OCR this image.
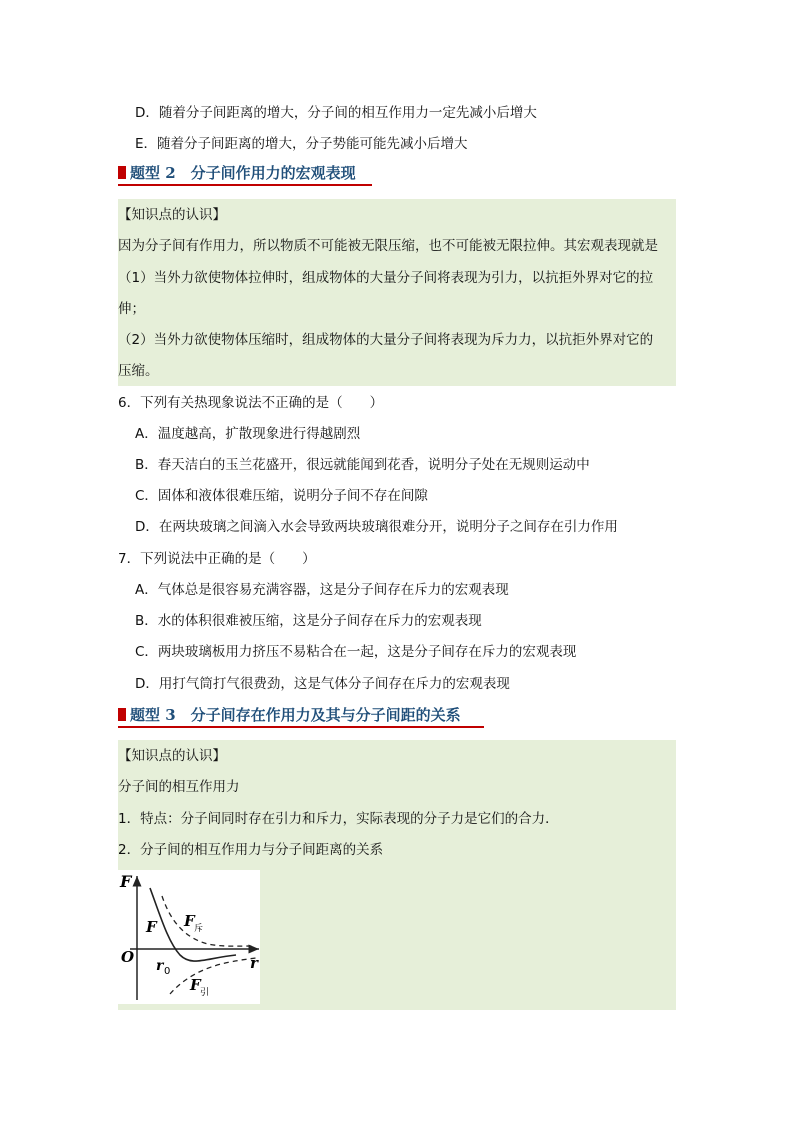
D．随着分子间距离的增大，分子间的相互作用力一定先减小后增大
E．随着分子间距离的增大，分子势能可能先减小后增大
题型 2　分子间作用力的宏观表现
【知识点的认识】
因为分子间有作用力，所以物质不可能被无限压缩，也不可能被无限拉伸。其宏观表现就是
（1）当外力欲使物体拉伸时，组成物体的大量分子间将表现为引力，以抗拒外界对它的拉
伸；
（2）当外力欲使物体压缩时，组成物体的大量分子间将表现为斥力力，以抗拒外界对它的
压缩。
6．下列有关热现象说法不正确的是（　　）
A．温度越高，扩散现象进行得越剧烈
B．春天洁白的玉兰花盛开，很远就能闻到花香，说明分子处在无规则运动中
C．固体和液体很难压缩，说明分子间不存在间隙
D．在两块玻璃之间滴入水会导致两块玻璃很难分开，说明分子之间存在引力作用
7．下列说法中正确的是（　　）
A．气体总是很容易充满容器，这是分子间存在斥力的宏观表现
B．水的体积很难被压缩，这是分子间存在斥力的宏观表现
C．两块玻璃板用力挤压不易粘合在一起，这是分子间存在斥力的宏观表现
D．用打气筒打气很费劲，这是气体分子间存在斥力的宏观表现
题型 3　分子间存在作用力及其与分子间距的关系
【知识点的认识】
分子间的相互作用力
1．特点：分子间同时存在引力和斥力，实际表现的分子力是它们的合力．
2．分子间的相互作用力与分子间距离的关系
F
O	r
F
r 0
F 斥
F 引
